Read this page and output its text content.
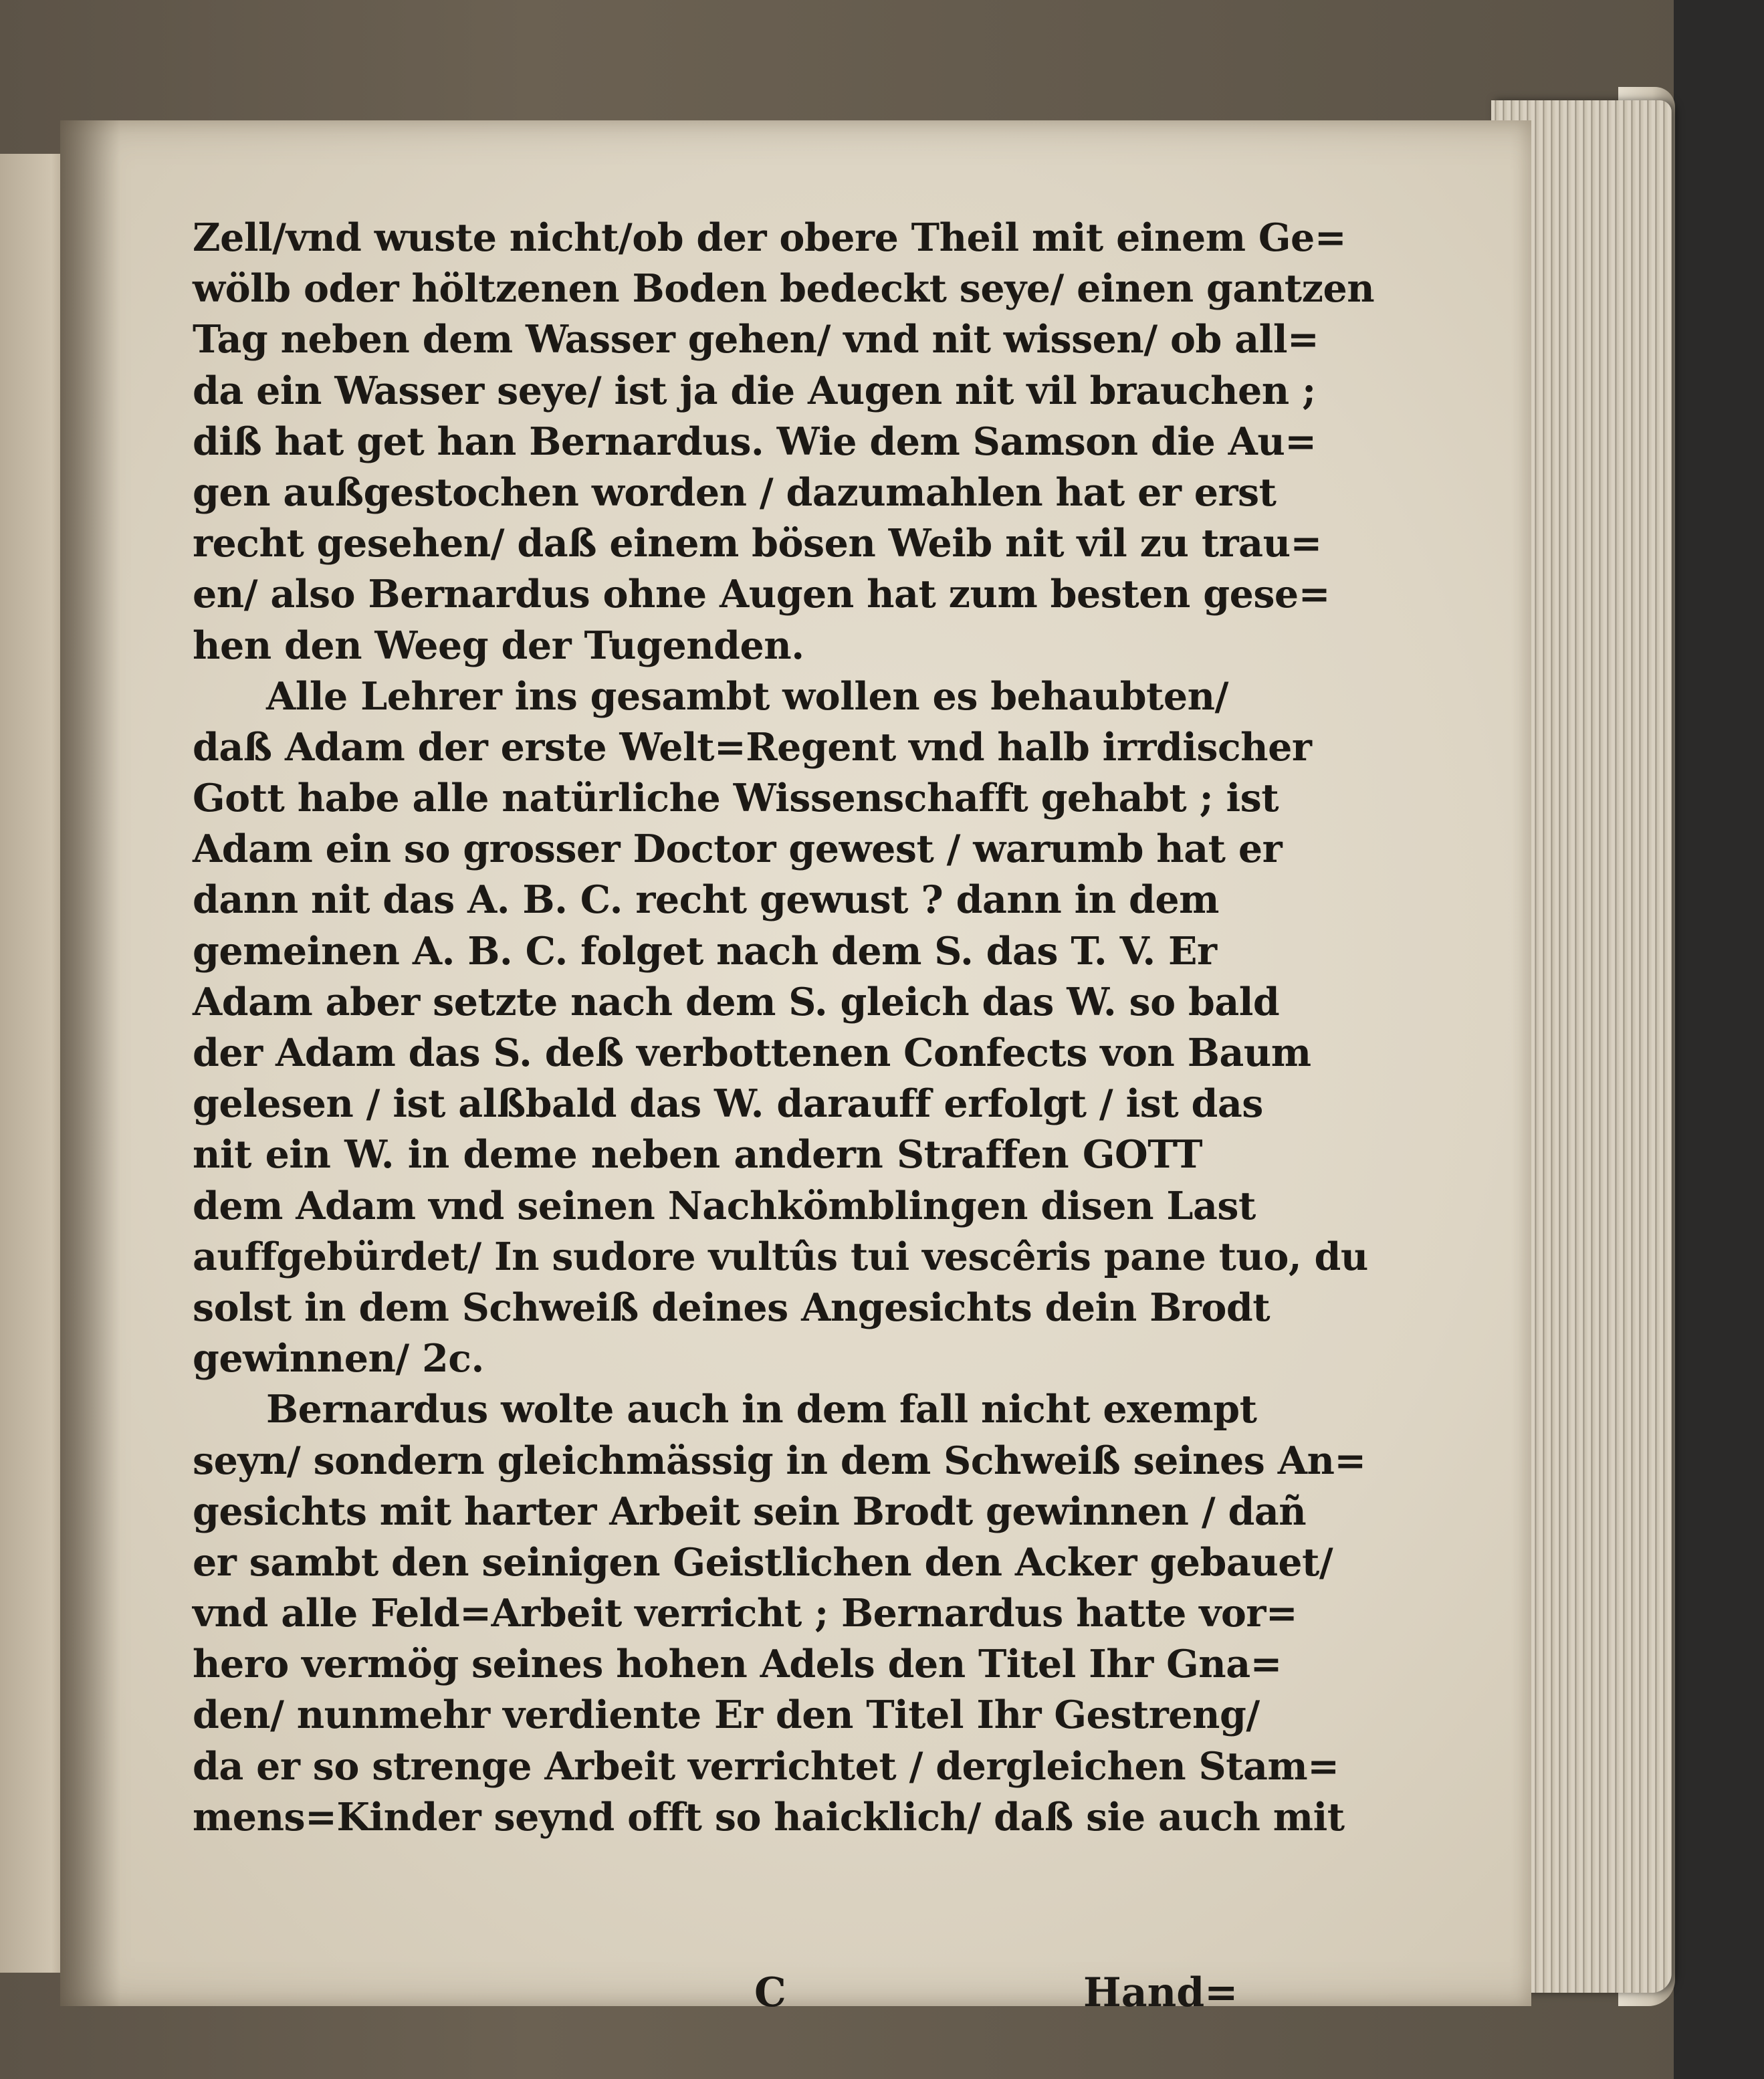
Zell/vnd wuste nicht/ob der obere Theil mit einem Ge=
wölb oder höltzenen Boden bedeckt seye/ einen gantzen
Tag neben dem Wasser gehen/ vnd nit wissen/ ob all=
da ein Wasser seye/ ist ja die Augen nit vil brauchen ;
diß hat get han Bernardus. Wie dem Samson die Au=
gen außgestochen worden / dazumahlen hat er erst
recht gesehen/ daß einem bösen Weib nit vil zu trau=
en/ also Bernardus ohne Augen hat zum besten gese=
hen den Weeg der Tugenden.
Alle Lehrer ins gesambt wollen es behaubten/
daß Adam der erste Welt=Regent vnd halb irrdischer
Gott habe alle natürliche Wissenschafft gehabt ; ist
Adam ein so grosser Doctor gewest / warumb hat er
dann nit das A. B. C. recht gewust ? dann in dem
gemeinen A. B. C. folget nach dem S. das T. V. Er
Adam aber setzte nach dem S. gleich das W. so bald
der Adam das S. deß verbottenen Confects von Baum
gelesen / ist alßbald das W. darauff erfolgt / ist das
nit ein W. in deme neben andern Straffen GOTT
dem Adam vnd seinen Nachkömblingen disen Last
auffgebürdet/ In sudore vultûs tui vescêris pane tuo, du
solst in dem Schweiß deines Angesichts dein Brodt
gewinnen/ 2c.
Bernardus wolte auch in dem fall nicht exempt
seyn/ sondern gleichmässig in dem Schweiß seines An=
gesichts mit harter Arbeit sein Brodt gewinnen / dañ
er sambt den seinigen Geistlichen den Acker gebauet/
vnd alle Feld=Arbeit verricht ; Bernardus hatte vor=
hero vermög seines hohen Adels den Titel Ihr Gna=
den/ nunmehr verdiente Er den Titel Ihr Gestreng/
da er so strenge Arbeit verrichtet / dergleichen Stam=
mens=Kinder seynd offt so haicklich/ daß sie auch mit
C	Hand=
